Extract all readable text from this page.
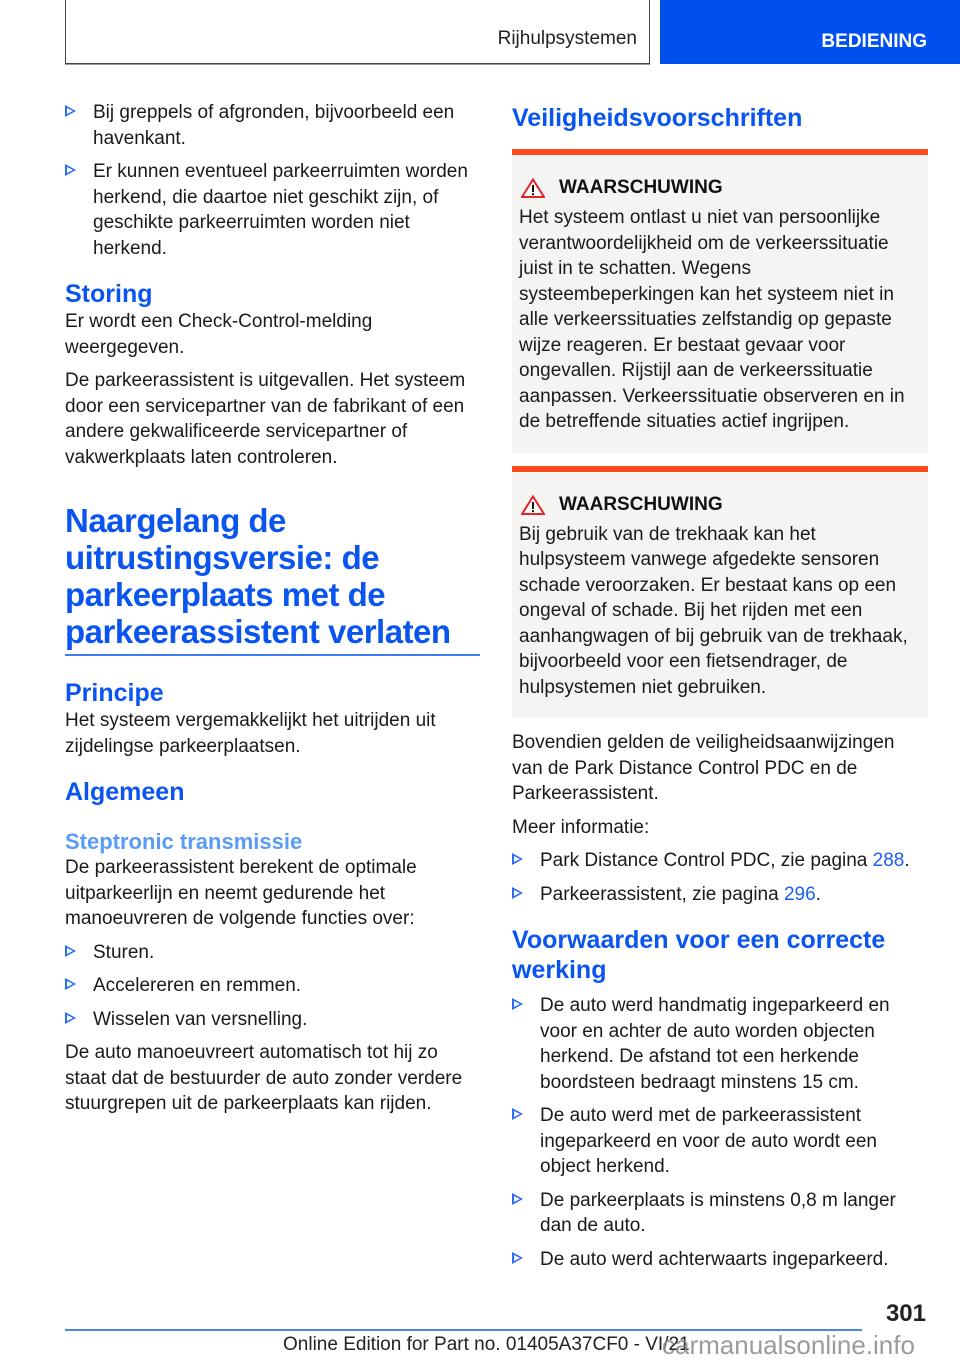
Rijhulpsystemen	BEDIENING
Bij greppels of afgronden, bijvoorbeeld een havenkant.
Er kunnen eventueel parkeerruimten worden herkend, die daartoe niet geschikt zijn, of geschikte parkeerruimten worden niet herkend.
Storing

Er wordt een Check-Control-melding weergegeven.

De parkeerassistent is uitgevallen. Het systeem door een servicepartner van de fabrikant of een andere gekwalificeerde servicepartner of vakwerkplaats laten controleren.

Naargelang de uitrustingsversie: de parkeerplaats met de parkeerassistent verlaten
Principe

Het systeem vergemakkelijkt het uitrijden uit zijdelingse parkeerplaatsen.

Algemeen
Steptronic transmissie

De parkeerassistent berekent de optimale uitparkeerlijn en neemt gedurende het manoeuvreren de volgende functies over:

Sturen.
Accelereren en remmen.
Wisselen van versnelling.

De auto manoeuvreert automatisch tot hij zo staat dat de bestuurder de auto zonder verdere stuurgrepen uit de parkeerplaats kan rijden.

Veiligheidsvoorschriften
WAARSCHUWING

Het systeem ontlast u niet van persoonlijke verantwoordelijkheid om de verkeerssituatie juist in te schatten. Wegens systeembeperkingen kan het systeem niet in alle verkeerssituaties zelfstandig op gepaste wijze reageren. Er bestaat gevaar voor ongevallen. Rijstijl aan de verkeerssituatie aanpassen. Verkeerssituatie observeren en in de betreffende situaties actief ingrijpen.

WAARSCHUWING

Bij gebruik van de trekhaak kan het hulpsysteem vanwege afgedekte sensoren schade veroorzaken. Er bestaat kans op een ongeval of schade. Bij het rijden met een aanhangwagen of bij gebruik van de trekhaak, bijvoorbeeld voor een fietsendrager, de hulpsystemen niet gebruiken.

Bovendien gelden de veiligheidsaanwijzingen van de Park Distance Control PDC en de Parkeerassistent.

Meer informatie:

Park Distance Control PDC, zie pagina 288.
Parkeerassistent, zie pagina 296.
Voorwaarden voor een correcte werking
De auto werd handmatig ingeparkeerd en voor en achter de auto worden objecten herkend. De afstand tot een herkende boordsteen bedraagt minstens 15 cm.
De auto werd met de parkeerassistent ingeparkeerd en voor de auto wordt een object herkend.
De parkeerplaats is minstens 0,8 m langer dan de auto.
De auto werd achterwaarts ingeparkeerd.
301
Online Edition for Part no. 01405A37CF0 - VI/21
carmanualsonline.info
